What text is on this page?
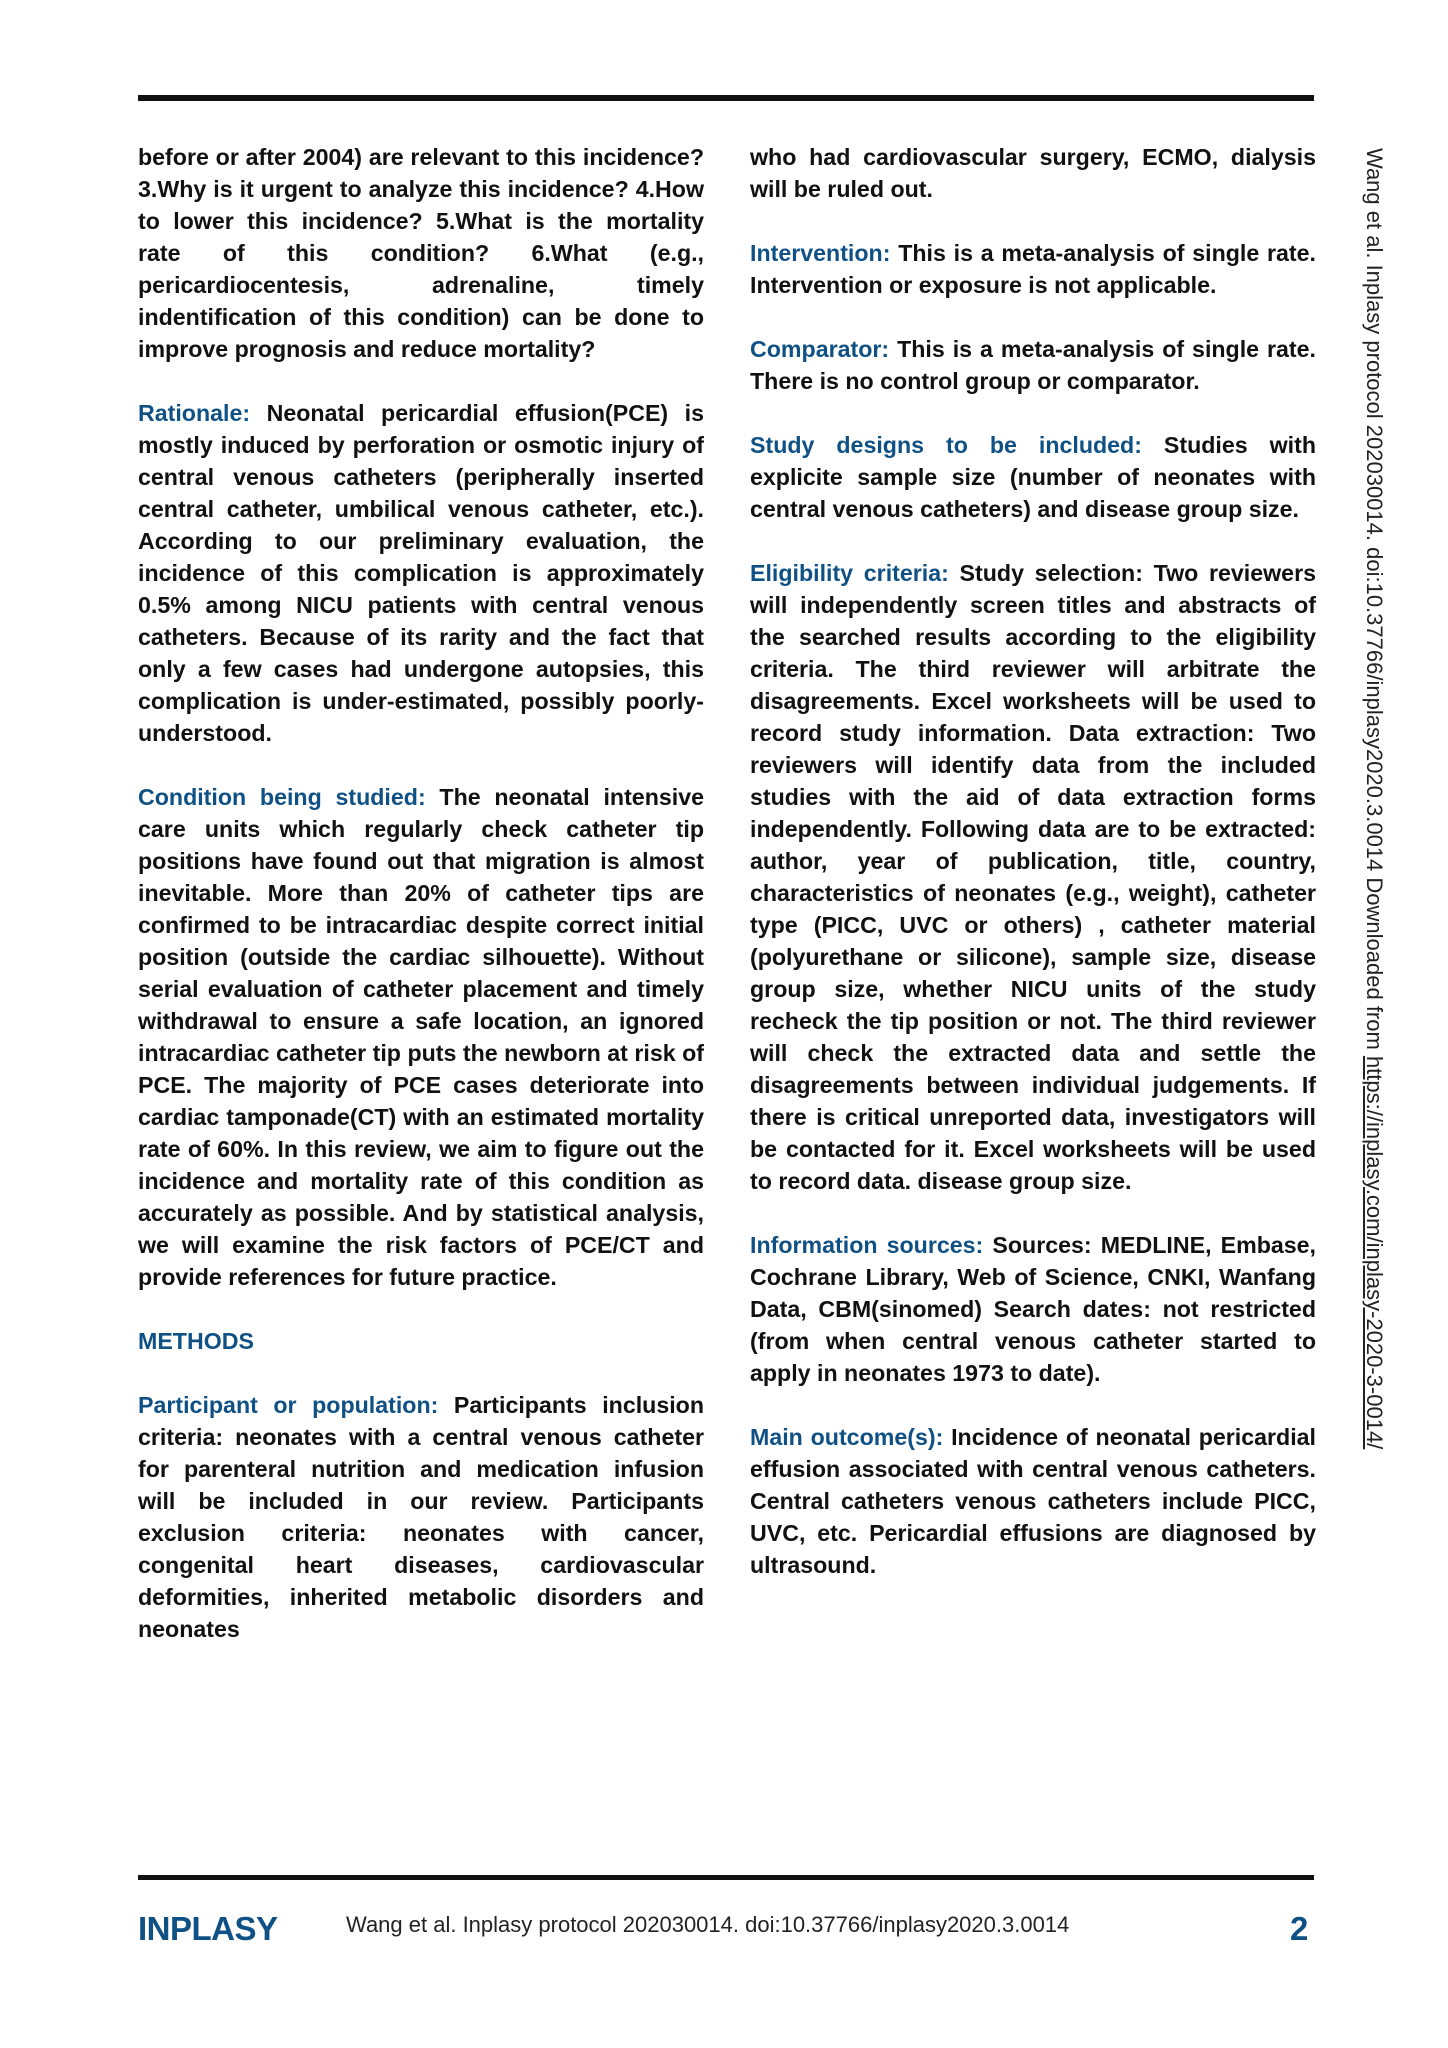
before or after 2004) are relevant to this incidence? 3.Why is it urgent to analyze this incidence? 4.How to lower this incidence? 5.What is the mortality rate of this condition? 6.What (e.g., pericardiocentesis, adrenaline, timely indentification of this condition) can be done to improve prognosis and reduce mortality?

Rationale: Neonatal pericardial effusion(PCE) is mostly induced by perforation or osmotic injury of central venous catheters (peripherally inserted central catheter, umbilical venous catheter, etc.). According to our preliminary evaluation, the incidence of this complication is approximately 0.5% among NICU patients with central venous catheters. Because of its rarity and the fact that only a few cases had undergone autopsies, this complication is under-estimated, possibly poorly-understood.

Condition being studied: The neonatal intensive care units which regularly check catheter tip positions have found out that migration is almost inevitable. More than 20% of catheter tips are confirmed to be intracardiac despite correct initial position (outside the cardiac silhouette). Without serial evaluation of catheter placement and timely withdrawal to ensure a safe location, an ignored intracardiac catheter tip puts the newborn at risk of PCE. The majority of PCE cases deteriorate into cardiac tamponade(CT) with an estimated mortality rate of 60%. In this review, we aim to figure out the incidence and mortality rate of this condition as accurately as possible. And by statistical analysis, we will examine the risk factors of PCE/CT and provide references for future practice.

METHODS

Participant or population: Participants inclusion criteria: neonates with a central venous catheter for parenteral nutrition and medication infusion will be included in our review. Participants exclusion criteria: neonates with cancer, congenital heart diseases, cardiovascular deformities, inherited metabolic disorders and neonates

who had cardiovascular surgery, ECMO, dialysis will be ruled out.

Intervention: This is a meta-analysis of single rate. Intervention or exposure is not applicable.

Comparator: This is a meta-analysis of single rate. There is no control group or comparator.

Study designs to be included: Studies with explicite sample size (number of neonates with central venous catheters) and disease group size.

Eligibility criteria: Study selection: Two reviewers will independently screen titles and abstracts of the searched results according to the eligibility criteria. The third reviewer will arbitrate the disagreements. Excel worksheets will be used to record study information. Data extraction: Two reviewers will identify data from the included studies with the aid of data extraction forms independently. Following data are to be extracted: author, year of publication, title, country, characteristics of neonates (e.g., weight), catheter type (PICC, UVC or others) , catheter material (polyurethane or silicone), sample size, disease group size, whether NICU units of the study recheck the tip position or not. The third reviewer will check the extracted data and settle the disagreements between individual judgements. If there is critical unreported data, investigators will be contacted for it. Excel worksheets will be used to record data. disease group size.

Information sources: Sources: MEDLINE, Embase, Cochrane Library, Web of Science, CNKI, Wanfang Data, CBM(sinomed) Search dates: not restricted (from when central venous catheter started to apply in neonates 1973 to date).

Main outcome(s): Incidence of neonatal pericardial effusion associated with central venous catheters. Central catheters venous catheters include PICC, UVC, etc. Pericardial effusions are diagnosed by ultrasound.

Wang et al. Inplasy protocol 202030014. doi:10.37766/inplasy2020.3.0014 Downloaded from https://inplasy.com/inplasy-2020-3-0014/
INPLASY	Wang et al. Inplasy protocol 202030014. doi:10.37766/inplasy2020.3.0014	2
